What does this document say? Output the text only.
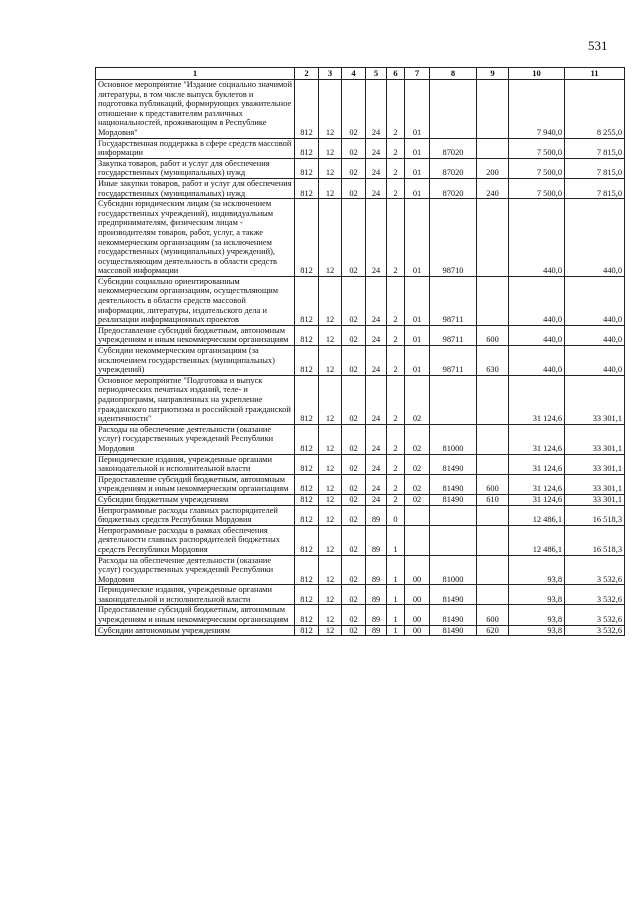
531
1	2	3	4	5	6	7	8	9	10	11
Основное мероприятие "Издание социально значимой литературы, в том числе выпуск буклетов и подготовка публикаций, формирующих уважительное отношение к представителям различных национальностей, проживающим в Республике Мордовия"	812	12	02	24	2	01			7 940,0	8 255,0
Государственная поддержка в сфере средств массовой информации	812	12	02	24	2	01	87020		7 500,0	7 815,0
Закупка товаров, работ и услуг для обеспечения государственных (муниципальных) нужд	812	12	02	24	2	01	87020	200	7 500,0	7 815,0
Иные закупки товаров, работ и услуг для обеспечения государственных (муниципальных) нужд	812	12	02	24	2	01	87020	240	7 500,0	7 815,0
Субсидии юридическим лицам (за исключением государственных учреждений), индивидуальным предпринимателям, физическим лицам - производителям товаров, работ, услуг, а также некоммерческим организациям (за исключением государственных (муниципальных) учреждений), осуществляющим деятельность в области средств массовой информации	812	12	02	24	2	01	98710		440,0	440,0
Субсидии социально ориентированным некоммерческим организациям, осуществляющим деятельность в области средств массовой информации, литературы, издательского дела и реализации информационных проектов	812	12	02	24	2	01	98711		440,0	440,0
Предоставление субсидий бюджетным, автономным учреждениям и иным некоммерческим организациям	812	12	02	24	2	01	98711	600	440,0	440,0
Субсидии некоммерческим организациям (за исключением государственных (муниципальных) учреждений)	812	12	02	24	2	01	98711	630	440,0	440,0
Основное мероприятие "Подготовка и выпуск периодических печатных изданий, теле- и радиопрограмм, направленных на укрепление гражданского патриотизма и российской гражданской идентичности"	812	12	02	24	2	02			31 124,6	33 301,1
Расходы на обеспечение деятельности (оказание услуг) государственных учреждений Республики Мордовия	812	12	02	24	2	02	81000		31 124,6	33 301,1
Периодические издания, учрежденные органами законодательной и исполнительной власти	812	12	02	24	2	02	81490		31 124,6	33 301,1
Предоставление субсидий бюджетным, автономным учреждениям и иным некоммерческим организациям	812	12	02	24	2	02	81490	600	31 124,6	33 301,1
Субсидии бюджетным учреждениям	812	12	02	24	2	02	81490	610	31 124,6	33 301,1
Непрограммные расходы главных распорядителей бюджетных средств Республики Мордовия	812	12	02	89	0				12 486,1	16 518,3
Непрограммные расходы в рамках обеспечения деятельности главных распорядителей бюджетных средств Республики Мордовия	812	12	02	89	1				12 486,1	16 518,3
Расходы на обеспечение деятельности (оказание услуг) государственных учреждений Республики Мордовия	812	12	02	89	1	00	81000		93,8	3 532,6
Периодические издания, учрежденные органами законодательной и исполнительной власти	812	12	02	89	1	00	81490		93,8	3 532,6
Предоставление субсидий бюджетным, автономным учреждениям и иным некоммерческим организациям	812	12	02	89	1	00	81490	600	93,8	3 532,6
Субсидии автономным учреждениям	812	12	02	89	1	00	81490	620	93,8	3 532,6
